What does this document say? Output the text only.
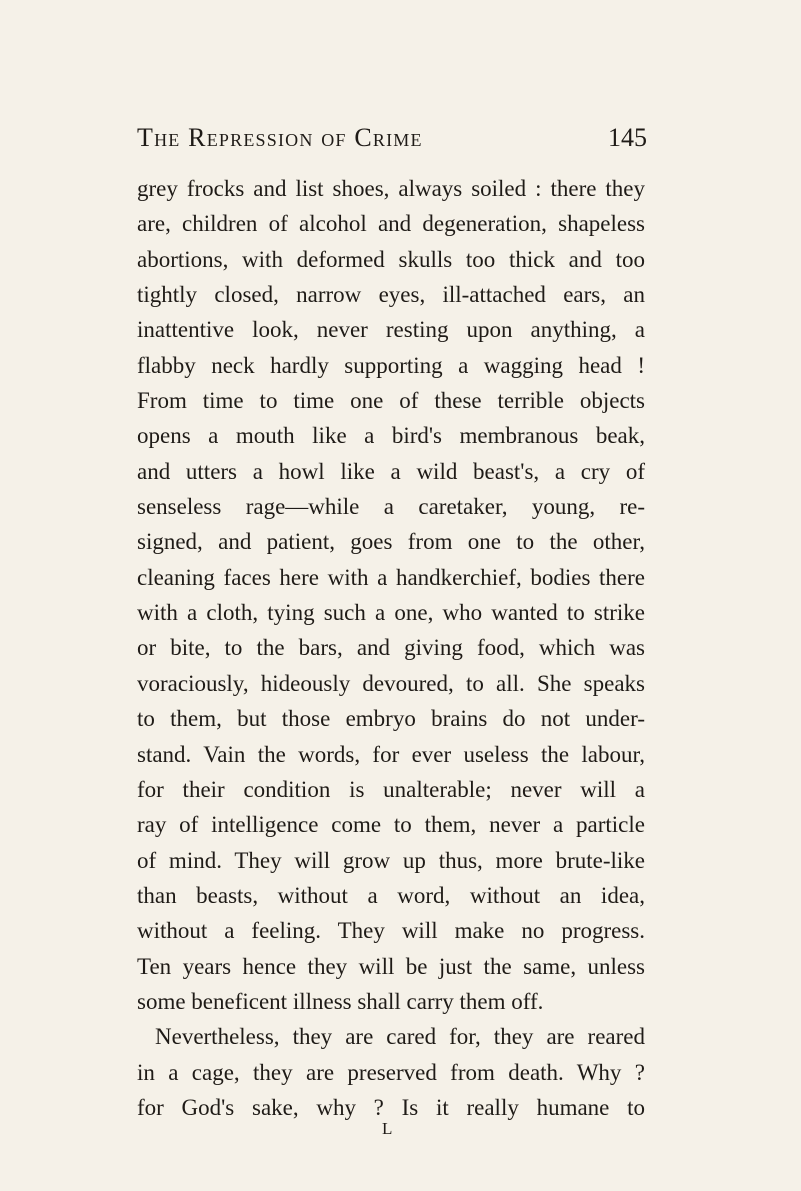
The Repression of Crime	145
grey frocks and list shoes, always soiled : there they
are, children of alcohol and degeneration, shapeless
abortions, with deformed skulls too thick and too
tightly closed, narrow eyes, ill-attached ears, an
inattentive look, never resting upon anything, a
flabby neck hardly supporting a wagging head !
From time to time one of these terrible objects
opens a mouth like a bird's membranous beak,
and utters a howl like a wild beast's, a cry of
senseless rage—while a caretaker, young, re-
signed, and patient, goes from one to the other,
cleaning faces here with a handkerchief, bodies there
with a cloth, tying such a one, who wanted to strike
or bite, to the bars, and giving food, which was
voraciously, hideously devoured, to all. She speaks
to them, but those embryo brains do not under-
stand. Vain the words, for ever useless the labour,
for their condition is unalterable; never will a
ray of intelligence come to them, never a particle
of mind. They will grow up thus, more brute-like
than beasts, without a word, without an idea,
without a feeling. They will make no progress.
Ten years hence they will be just the same, unless
some beneficent illness shall carry them off.
Nevertheless, they are cared for, they are reared
in a cage, they are preserved from death. Why ?
for God's sake, why ? Is it really humane to
L
